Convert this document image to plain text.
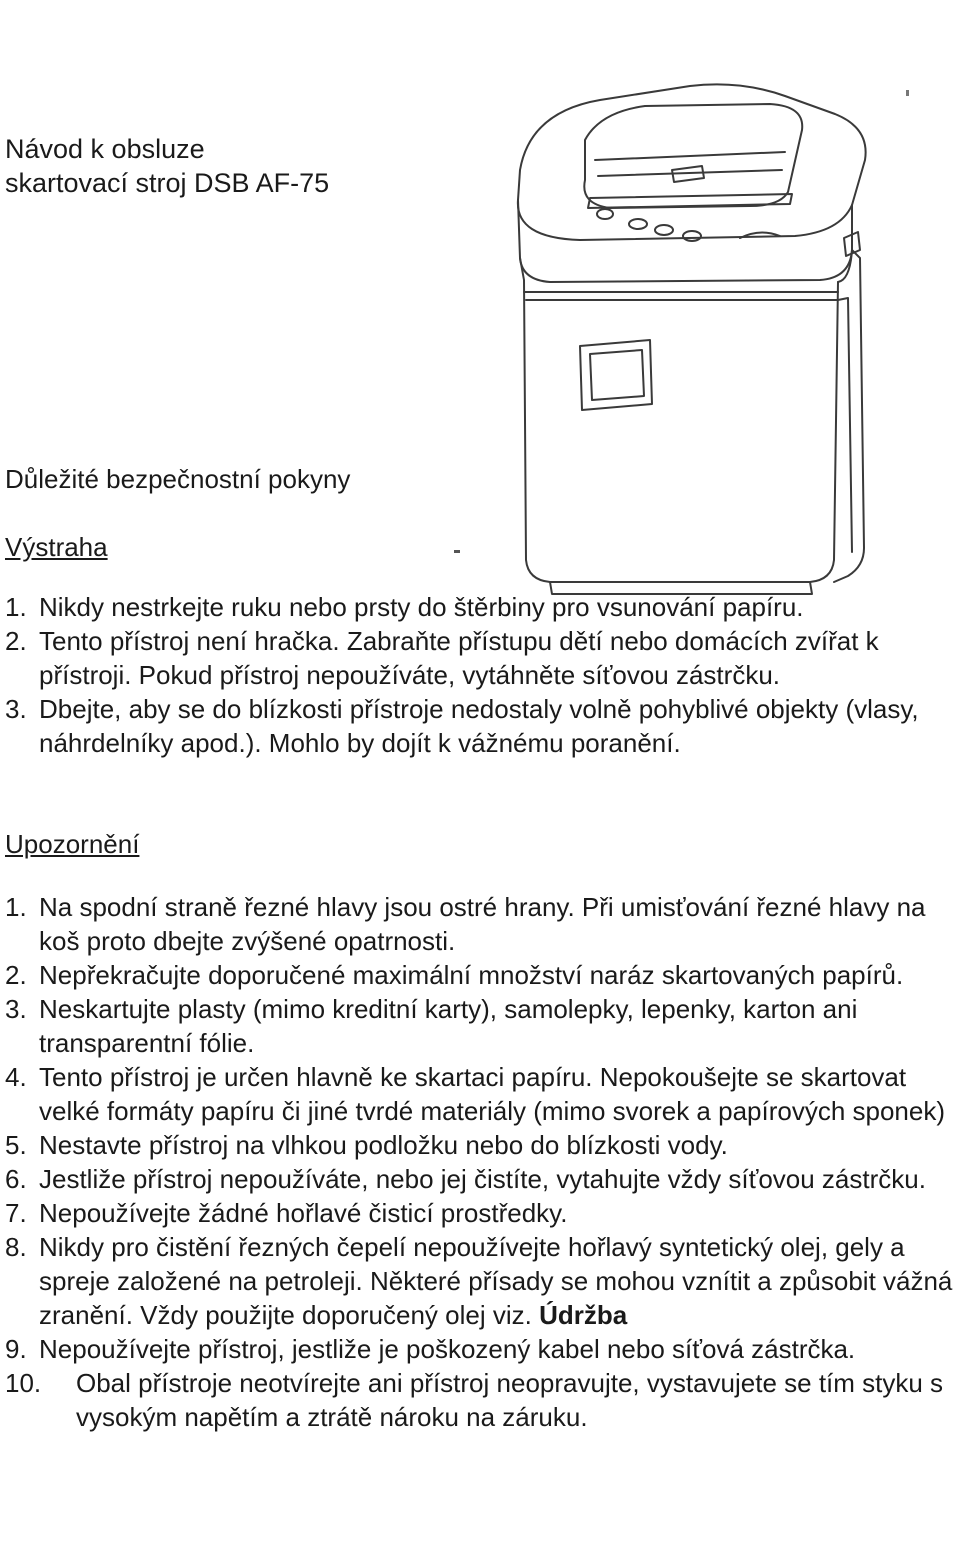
Návod k obsluze
skartovací stroj DSB AF-75
Důležité bezpečnostní pokyny
Výstraha
1. Nikdy nestrkejte ruku nebo prsty do štěrbiny pro vsunování papíru.
2. Tento přístroj není hračka. Zabraňte přístupu dětí nebo domácích zvířat k přístroji. Pokud přístroj nepoužíváte, vytáhněte síťovou zástrčku.
3. Dbejte, aby se do blízkosti přístroje nedostaly volně pohyblivé objekty (vlasy, náhrdelníky apod.). Mohlo by dojít k vážnému poranění.
Upozornění
1. Na spodní straně řezné hlavy jsou ostré hrany. Při umisťování řezné hlavy na koš proto dbejte zvýšené opatrnosti.
2. Nepřekračujte doporučené maximální množství naráz skartovaných papírů.
3. Neskartujte plasty (mimo kreditní karty), samolepky, lepenky, karton ani transparentní fólie.
4. Tento přístroj je určen hlavně ke skartaci papíru. Nepokoušejte se skartovat velké formáty papíru či jiné tvrdé materiály (mimo svorek a papírových sponek)
5. Nestavte přístroj na vlhkou podložku nebo do blízkosti vody.
6. Jestliže přístroj nepoužíváte, nebo jej čistíte, vytahujte vždy síťovou zástrčku.
7. Nepoužívejte žádné hořlavé čisticí prostředky.
8. Nikdy pro čistění řezných čepelí nepoužívejte hořlavý syntetický olej, gely a spreje založené na petroleji. Některé přísady se mohou vznítit a způsobit vážná zranění. Vždy použijte doporučený olej viz. Údržba
9. Nepoužívejte přístroj, jestliže je poškozený kabel nebo síťová zástrčka.
10.	Obal přístroje neotvírejte ani přístroj neopravujte, vystavujete se tím styku s vysokým napětím a ztrátě nároku na záruku.
